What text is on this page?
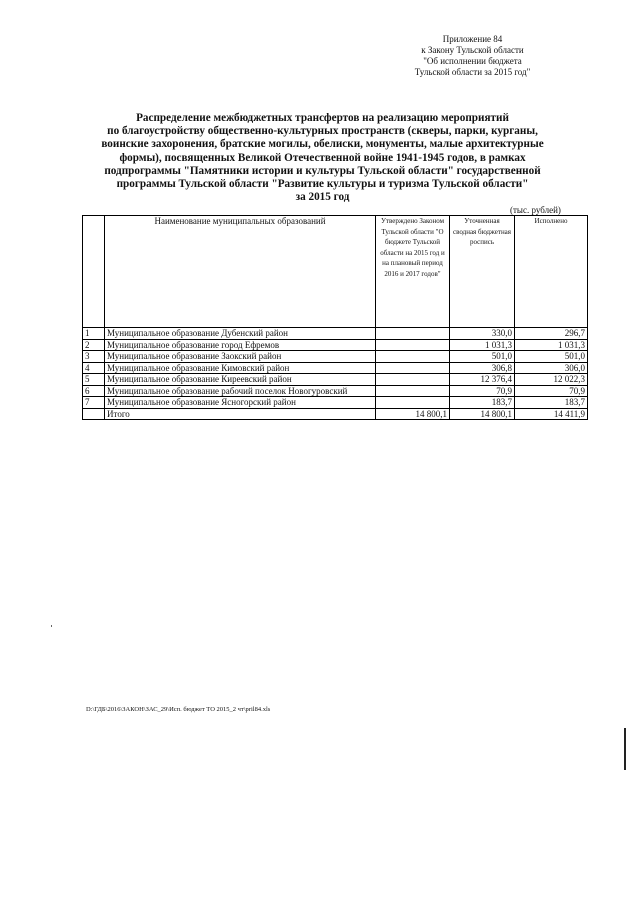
Приложение 84
к Закону Тульской области
"Об исполнении бюджета
Тульской области за 2015 год"
Распределение межбюджетных трансфертов на реализацию мероприятий
по благоустройству общественно-культурных пространств (скверы, парки, курганы,
воинские захоронения, братские могилы, обелиски, монументы, малые архитектурные
формы), посвященных Великой Отечественной войне 1941-1945 годов, в рамках
подпрограммы "Памятники истории и культуры Тульской области" государственной
программы Тульской области "Развитие культуры и туризма Тульской области"
за 2015 год
(тыс. рублей)
	Наименование муниципальных образований	Утверждено Законом Тульской области "О бюджете Тульской области на 2015 год и на плановый период 2016 и 2017 годов"	Уточненная сводная бюджетная роспись	Исполнено
1	Муниципальное образование Дубенский район		330,0	296,7
2	Муниципальное образование город Ефремов		1 031,3	1 031,3
3	Муниципальное образование Заокский район		501,0	501,0
4	Муниципальное образование Кимовский район		306,8	306,0
5	Муниципальное образование Киреевский район		12 376,4	12 022,3
6	Муниципальное образование рабочий поселок Новогуровский		70,9	70,9
7	Муниципальное образование Ясногорский район		183,7	183,7
	Итого	14 800,1	14 800,1	14 411,9
D:\ГДБ\2016\ЗАКОН\ЗАС_29\Исп. бюджет ТО 2015_2 чт\pril84.xls
